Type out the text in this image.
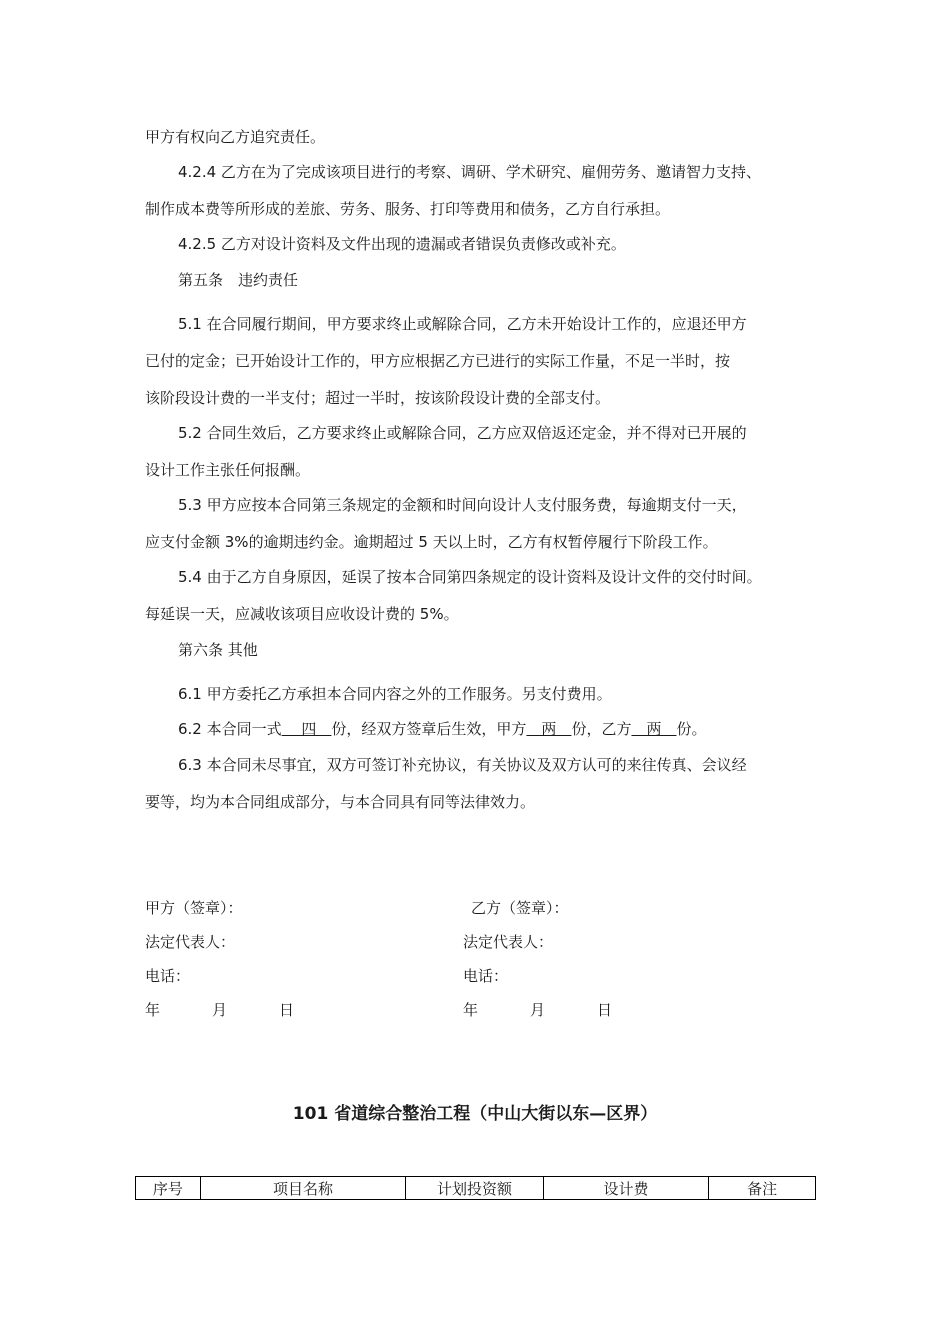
甲方有权向乙方追究责任。

4.2.4 乙方在为了完成该项目进行的考察、调研、学术研究、雇佣劳务、邀请智力支持、

制作成本费等所形成的差旅、劳务、服务、打印等费用和债务，乙方自行承担。

4.2.5 乙方对设计资料及文件出现的遗漏或者错误负责修改或补充。

第五条　违约责任

5.1 在合同履行期间，甲方要求终止或解除合同，乙方未开始设计工作的，应退还甲方

已付的定金；已开始设计工作的，甲方应根据乙方已进行的实际工作量，不足一半时，按

该阶段设计费的一半支付；超过一半时，按该阶段设计费的全部支付。

5.2 合同生效后，乙方要求终止或解除合同，乙方应双倍返还定金，并不得对已开展的

设计工作主张任何报酬。

5.3 甲方应按本合同第三条规定的金额和时间向设计人支付服务费，每逾期支付一天，

应支付金额 3%的逾期违约金。逾期超过 5 天以上时，乙方有权暂停履行下阶段工作。

5.4 由于乙方自身原因，延误了按本合同第四条规定的设计资料及设计文件的交付时间。

每延误一天，应减收该项目应收设计费的 5%。

第六条 其他

6.1 甲方委托乙方承担本合同内容之外的工作服务。另支付费用。

6.2 本合同一式　 四　份，经双方签章后生效，甲方　两　份，乙方　两　份。

6.3 本合同未尽事宜，双方可签订补充协议，有关协议及双方认可的来往传真、会议经

要等，均为本合同组成部分，与本合同具有同等法律效力。

甲方（签章）：

法定代表人：

电话：

年	月	日

乙方（签章）：

法定代表人：

电话：

年	月	日

101 省道综合整治工程（中山大街以东—区界）

序号	项目名称	计划投资额	设计费	备注
